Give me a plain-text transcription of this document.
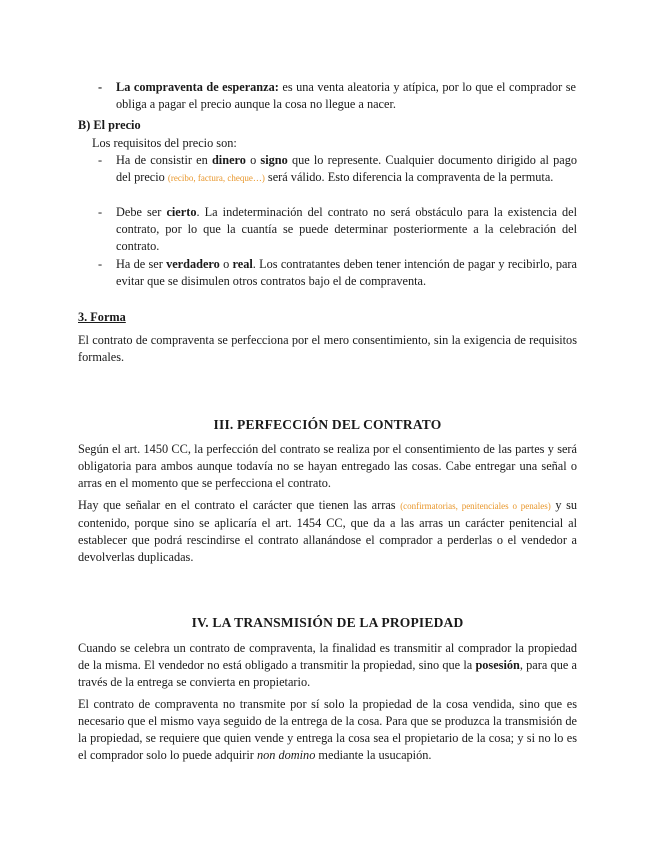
-	La compraventa de esperanza: es una venta aleatoria y atípica, por lo que el comprador se obliga a pagar el precio aunque la cosa no llegue a nacer.
B) El precio
Los requisitos del precio son:
-	Ha de consistir en dinero o signo que lo represente. Cualquier documento dirigido al pago del precio (recibo, factura, cheque…) será válido. Esto diferencia la compraventa de la permuta.
-	Debe ser cierto. La indeterminación del contrato no será obstáculo para la existencia del contrato, por lo que la cuantía se puede determinar posteriormente a la celebración del contrato.
-	Ha de ser verdadero o real. Los contratantes deben tener intención de pagar y recibirlo, para evitar que se disimulen otros contratos bajo el de compraventa.
3. Forma
El contrato de compraventa se perfecciona por el mero consentimiento, sin la exigencia de requisitos formales.
III. PERFECCIÓN DEL CONTRATO
Según el art. 1450 CC, la perfección del contrato se realiza por el consentimiento de las partes y será obligatoria para ambos aunque todavía no se hayan entregado las cosas. Cabe entregar una señal o arras en el momento que se perfecciona el contrato.
Hay que señalar en el contrato el carácter que tienen las arras (confirmatorias, penitenciales o penales) y su contenido, porque sino se aplicaría el art. 1454 CC, que da a las arras un carácter penitencial al establecer que podrá rescindirse el contrato allanándose el comprador a perderlas o el vendedor a devolverlas duplicadas.
IV. LA TRANSMISIÓN DE LA PROPIEDAD
Cuando se celebra un contrato de compraventa, la finalidad es transmitir al comprador la propiedad de la misma. El vendedor no está obligado a transmitir la propiedad, sino que la posesión, para que a través de la entrega se convierta en propietario.
El contrato de compraventa no transmite por sí solo la propiedad de la cosa vendida, sino que es necesario que el mismo vaya seguido de la entrega de la cosa. Para que se produzca la transmisión de la propiedad, se requiere que quien vende y entrega la cosa sea el propietario de la cosa; y si no lo es el comprador solo lo puede adquirir non domino mediante la usucapión.
